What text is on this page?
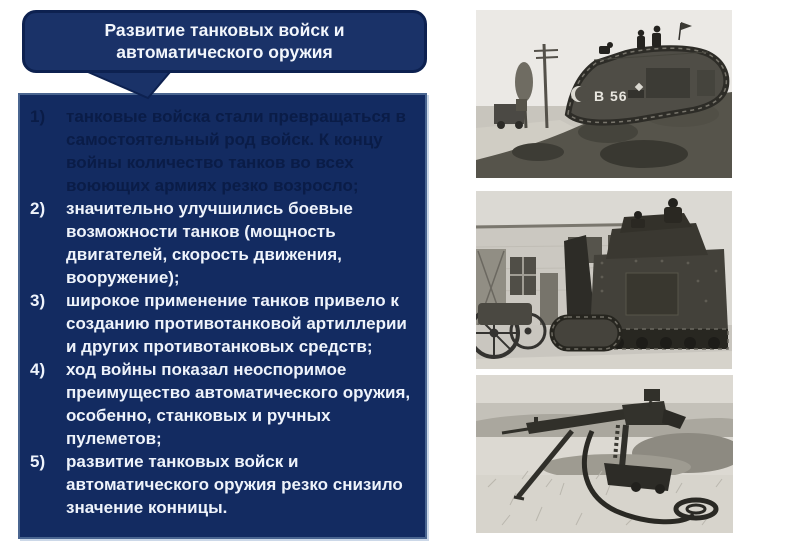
Развитие танковых войск и автоматического оружия
1)	танковые войска стали превращаться в самостоятельный род войск. К концу войны количество танков во всех воюющих армиях резко возросло;
2)	значительно улучшились боевые возможности танков (мощность двигателей, скорость движения, вооружение);
3)	широкое применение танков привело к созданию противотанковой артиллерии и других противотанковых средств;
4)	ход войны показал неоспоримое преимущество автоматического оружия, особенно, станковых и ручных пулеметов;
5)	развитие танковых войск и автоматического оружия резко снизило значение конницы.
B 56
